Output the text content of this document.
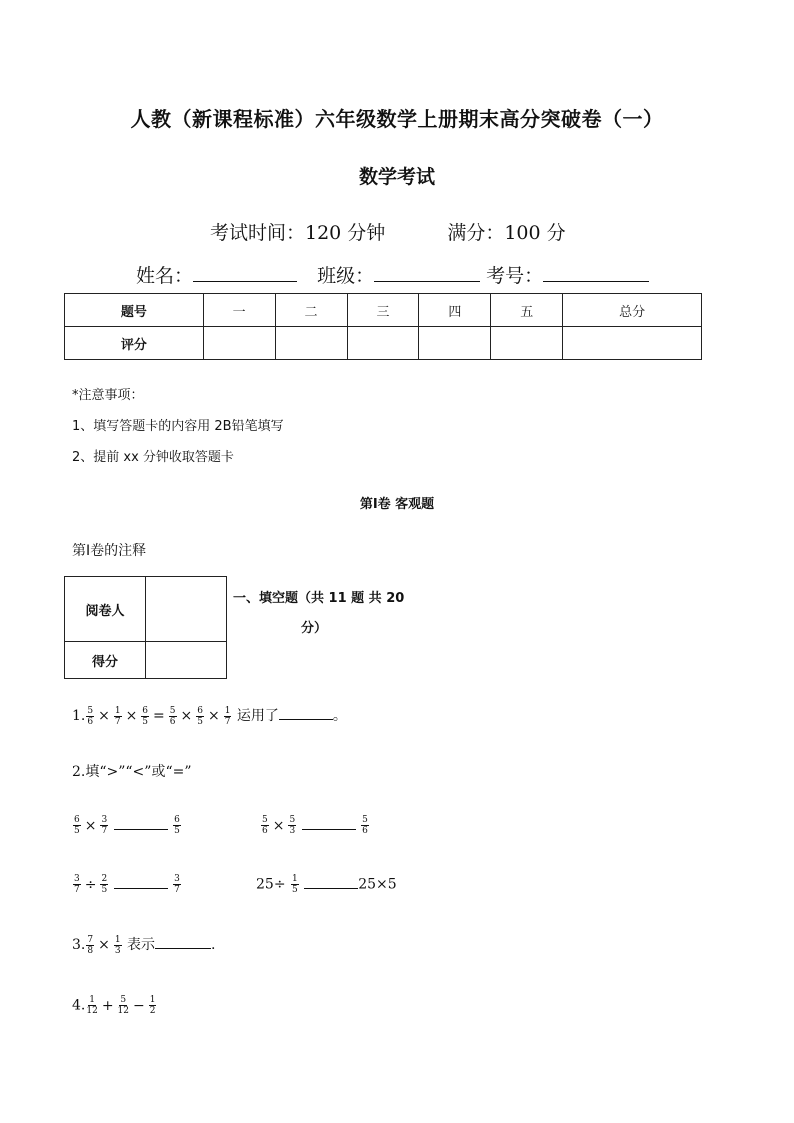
人教（新课程标准）六年级数学上册期末高分突破卷（一）
数学考试
考试时间：120 分钟	满分：100 分
姓名：	班级：	考号：
题号	一	二	三	四	五	总分
评分						
*注意事项：
1、填写答题卡的内容用 2B铅笔填写
2、提前 xx 分钟收取答题卡
第Ⅰ卷 客观题
第Ⅰ卷的注释
阅卷人	
得分	
一、填空题（共 11 题 共 20
分）
1. $\frac{5}{6} \times \frac{1}{7} \times \frac{6}{5} = \frac{5}{6} \times \frac{6}{5} \times \frac{1}{7}$ 运用了	。
2.填“>”“<”或“=”
$\frac{6}{5} \times \frac{3}{7}$
	$\frac{6}{5}$	$\frac{5}{6} \times \frac{5}{3}$
	$\frac{5}{6}$
$\frac{3}{7} \div \frac{2}{5}$
	$\frac{3}{7}$	$25\div \frac{1}{5}$	25×5
3. $\frac{7}{8} \times \frac{1}{3}$ 表示	.
4. $\frac{1}{12} + \frac{5}{12} - \frac{1}{2}$
